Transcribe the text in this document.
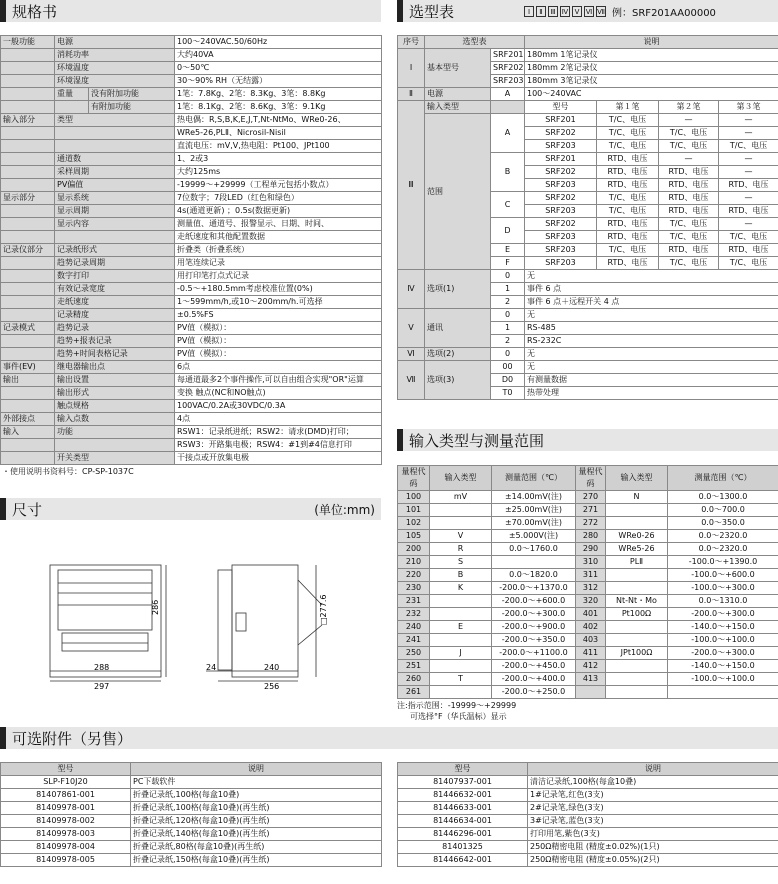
规格书	选型表	Ⅰ	Ⅱ	Ⅲ Ⅳ Ⅴ Ⅵ Ⅶ 例：SRF201AA00000
输入类型与测量范围
尺寸	(单位:mm)
可选附件（另售）
一般功能	电源		100～240VAC.50/60Hz
	消耗功率		大约40VA
	环境温度		0～50℃
	环境湿度		30～90% RH（无结露）
	重量	没有附加功能	1笔：7.8Kg、2笔：8.3Kg、3笔：8.8Kg
		有附加功能	1笔：8.1Kg、2笔：8.6Kg、3笔：9.1Kg
输入部分	类型		热电偶：R,S,B,K,E,J,T,Nt-NtMo、WRe0-26、
			WRe5-26,PLⅡ、Nicrosil-Nisil
			直流电压：mV,V,热电阻：Pt100、JPt100
	通道数		1、2或3
	采样周期		大约125ms
	PV偏值		-19999～+29999（工程单元包括小数点）
显示部分	显示系统		7位数字；7段LED（红色和绿色）
	显示周期		4s(通道更新) ；0.5s(数据更新)
	显示内容		测量值、通道号、报警显示、日期、时间、
			走纸速度和其他配置数据
记录仪部分	记录纸形式		折叠类（折叠系统）
	趋势记录周期		用笔连续记录
	数字打印		用打印笔打点式记录
	有效记录宽度		-0.5～+180.5mm考虑校准位置(0%)
	走纸速度		1～599mm/h,或10～200mm/h.可选择
	记录精度		±0.5%FS
记录模式	趋势记录		PV值（模拟）：
	趋势+报表记录		PV值（模拟）：
	趋势+时间表格记录		PV值（模拟）：
事件(EV)	继电器输出点		6点
输出	输出设置		每通道最多2个事件操作,可以自由组合实现"OR"运算
	输出形式		变换 触点(NC和NO触点)
	触点规格		100VAC/0.2A或30VDC/0.3A
外部接点	输入点数		4点
输入	功能		RSW1：记录纸进纸；RSW2：请求(DMD)打印；
			RSW3：开路集电极；RSW4：#1到#4信息打印
	开关类型		干接点或开放集电极
・使用说明书资料号：CP-SP-1037C
序号	选型表		说明			
Ⅰ	基本型号	SRF201	180mm 1笔记录仪			
		SRF202	180mm 2笔记录仪			
		SRF203	180mm 3笔记录仪			
Ⅱ	电源	A	100～240VAC			
Ⅲ	输入类型		型号	第１笔	第２笔	第３笔
	范围	A	SRF201	T/C、电压	—	—
			SRF202	T/C、电压	T/C、电压	—
			SRF203	T/C、电压	T/C、电压	T/C、电压
		B	SRF201	RTD、电压	—	—
			SRF202	RTD、电压	RTD、电压	—
			SRF203	RTD、电压	RTD、电压	RTD、电压
		C	SRF202	T/C、电压	RTD、电压	—
			SRF203	T/C、电压	RTD、电压	RTD、电压
		D	SRF202	RTD、电压	T/C、电压	—
			SRF203	RTD、电压	T/C、电压	T/C、电压
		E	SRF203	T/C、电压	RTD、电压	RTD、电压
		F	SRF203	RTD、电压	T/C、电压	T/C、电压
Ⅳ	选项(1)	0	无			
		1	事件 6 点			
		2	事件 6 点＋远程开关 4 点			
Ⅴ	通讯	0	无			
		1	RS-485			
		2	RS-232C			
Ⅵ	选项(2)	0	无			
Ⅶ	选项(3)	00	无			
		D0	有测量数据			
		T0	热带处理			
量程代码	输入类型	测量范围（℃）	量程代码	输入类型	测量范围（℃）
100	mV	±14.00mV(注)	270	N	0.0～1300.0
101		±25.00mV(注)	271		0.0～700.0
102		±70.00mV(注)	272		0.0～350.0
105	V	±5.000V(注)	280	WRe0-26	0.0～2320.0
200	R	0.0～1760.0	290	WRe5-26	0.0～2320.0
210	S		310	PLⅡ	-100.0～+1390.0
220	B	0.0～1820.0	311		-100.0～+600.0
230	K	-200.0～+1370.0	312		-100.0～+300.0
231		-200.0～+600.0	320	Nt-Nt・Mo	0.0～1310.0
232		-200.0～+300.0	401	Pt100Ω	-200.0～+300.0
240	E	-200.0～+900.0	402		-140.0～+150.0
241		-200.0～+350.0	403		-100.0～+100.0
250	J	-200.0～+1100.0	411	JPt100Ω	-200.0～+300.0
251		-200.0～+450.0	412		-140.0～+150.0
260	T	-200.0～+400.0	413		-100.0～+100.0
261		-200.0～+250.0			
注:指示范围：-19999～+29999
可选择°F（华氏温标）显示
288
297
286	□277.6
24	240
256
型号	说明
SLP-F10J20	PC下载软件
81407861-001	折叠记录纸,100格(每盒10叠)
81409978-001	折叠记录纸,100格(每盒10叠)(再生纸)
81409978-002	折叠记录纸,120格(每盒10叠)(再生纸)
81409978-003	折叠记录纸,140格(每盒10叠)(再生纸)
81409978-004	折叠记录纸,80格(每盒10叠)(再生纸)
81409978-005	折叠记录纸,150格(每盒10叠)(再生纸)
型号	说明
81407937-001	清洁记录纸,100格(每盒10叠)
81446632-001	1#记录笔,红色(3支)
81446633-001	2#记录笔,绿色(3支)
81446634-001	3#记录笔,蓝色(3支)
81446296-001	打印用笔,紫色(3支)
81401325	250Ω精密电阻 (精度±0.02%)(1只)
81446642-001	250Ω精密电阻 (精度±0.05%)(2只)
